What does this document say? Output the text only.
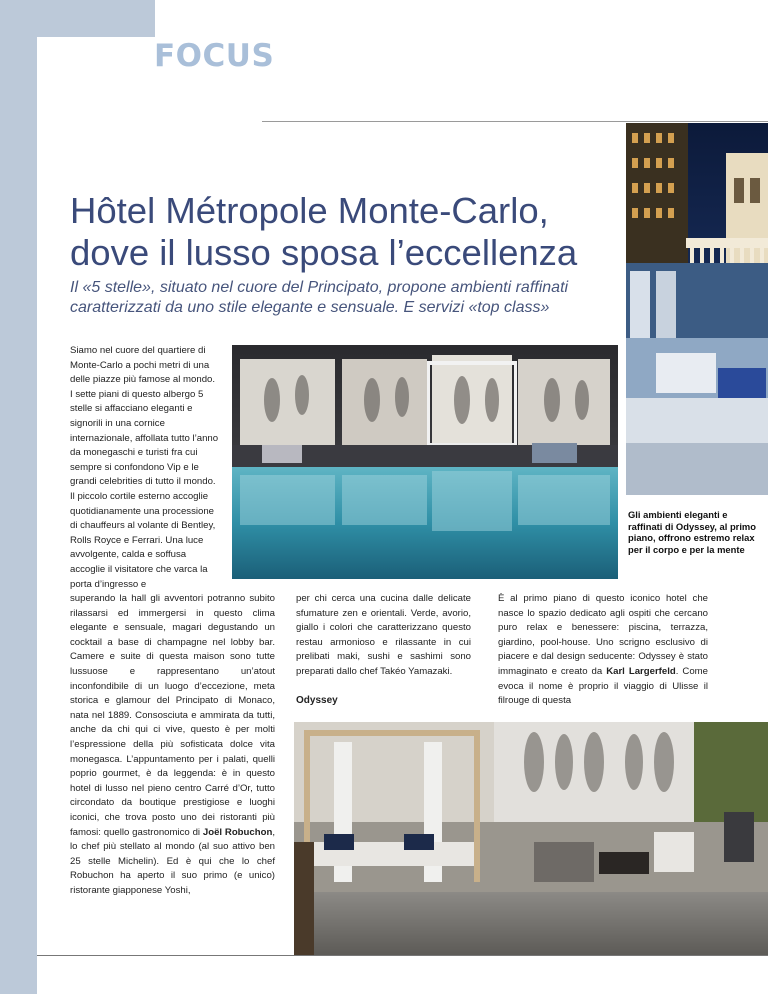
FOCUS
Hôtel Métropole Monte-Carlo,
dove il lusso sposa l’eccellenza
Il «5 stelle», situato nel cuore del Principato, propone ambienti raffinati
caratterizzati da uno stile elegante e sensuale. E servizi «top class»
Gli ambienti eleganti e raffinati di Odyssey, al primo piano, offrono estremo relax per il corpo e per la mente

Siamo nel cuore del quartiere di Monte-Carlo a pochi metri di una delle piazze più famose al mondo. I sette piani di questo albergo 5 stelle si affacciano eleganti e signorili in una cornice internazionale, affollata tutto l’anno da monegaschi e turisti fra cui sempre si confondono Vip e le grandi celebrities di tutto il mondo. Il piccolo cortile esterno accoglie quotidianamente una processione di chauffeurs al volante di Bentley, Rolls Royce e Ferrari. Una luce avvolgente, calda e soffusa accoglie il visitatore che varca la porta d’ingresso e

superando la hall gli avventori potranno subito rilassarsi ed immergersi in questo clima elegante e sensuale, magari degustando un cocktail a base di champagne nel lobby bar. Camere e suite di questa maison sono tutte lussuose e rappresentano un’atout inconfondibile di un luogo d’eccezione, meta storica e glamour del Principato di Monaco, nata nel 1889. Consosciuta e ammirata da tutti, anche da chi qui ci vive, questo è per molti l’espressione della più sofisticata dolce vita monegasca. L’appuntamento per i palati, quelli poprio gourmet, è da leggenda: è in questo hotel di lusso nel pieno centro Carré d’Or, tutto circondato da boutique prestigiose e luoghi iconici, che trova posto uno dei ristoranti più famosi: quello gastronomico di Joël Robuchon, lo chef più stellato al mondo (al suo attivo ben 25 stelle Michelin). Ed è qui che lo chef Robuchon ha aperto il suo primo (e unico) ristorante giapponese Yoshi,

per chi cerca una cucina dalle delicate sfumature zen e orientali. Verde, avorio, giallo i colori che caratterizzano questo restau armonioso e rilassante in cui prelibati maki, sushi e sashimi sono preparati dallo chef Takéo Yamazaki.

Odyssey

È al primo piano di questo iconico hotel che nasce lo spazio dedicato agli ospiti che cercano puro relax e benessere: piscina, terrazza, giardino, pool-house. Uno scrigno esclusivo di piacere e dal design seducente: Odyssey è stato immaginato e creato da Karl Largerfeld. Come evoca il nome è proprio il viaggio di Ulisse il filrouge di questa
